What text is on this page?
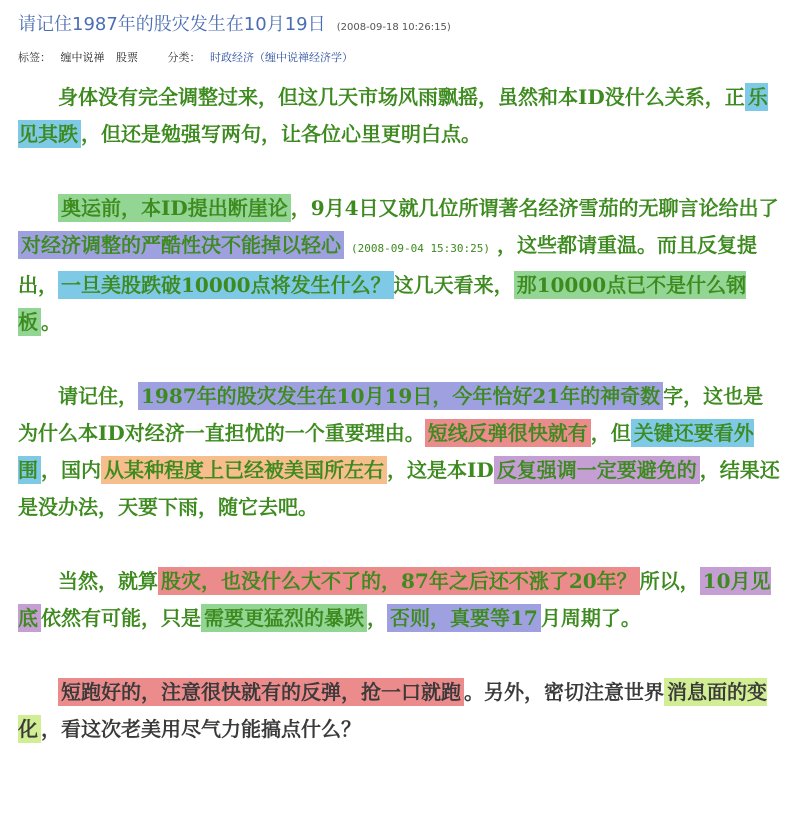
请记住1987年的股灾发生在10月19日 (2008-09-18 10:26:15)
标签： 缠中说禅 股票	分类： 时政经济（缠中说禅经济学）

身体没有完全调整过来，但这几天市场风雨飘摇，虽然和本ID没什么关系，正 乐见其跌 ，但还是勉强写两句，让各位心里更明白点。

奥运前，本ID提出断崖论 ，9月4日又就几位所谓著名经济雪茄的无聊言论给出了对经济调整的严酷性决不能掉以轻心 (2008-09-04 15:30:25) ，这些都请重温。而且反复提出， 一旦美股跌破10000点将发生什么？ 这几天看来， 那10000点已不是什么钢板 。

请记住， 1987年的股灾发生在10月19日，今年恰好21年的神奇数 字，这也是为什么本ID对经济一直担忧的一个重要理由。 短线反弹很快就有 ，但 关键还要看外围 ，国内 从某种程度上已经被美国所左右 ，这是本ID 反复强调一定要避免的 ，结果还是没办法，天要下雨，随它去吧。

当然，就算 股灾，也没什么大不了的，87年之后还不涨了20年？ 所以， 10月见底 依然有可能，只是 需要更猛烈的暴跌 ， 否则，真要等17 月周期了。

短跑好的，注意很快就有的反弹，抢一口就跑 。另外，密切注意世界 消息面的变化 ，看这次老美用尽气力能搞点什么？
